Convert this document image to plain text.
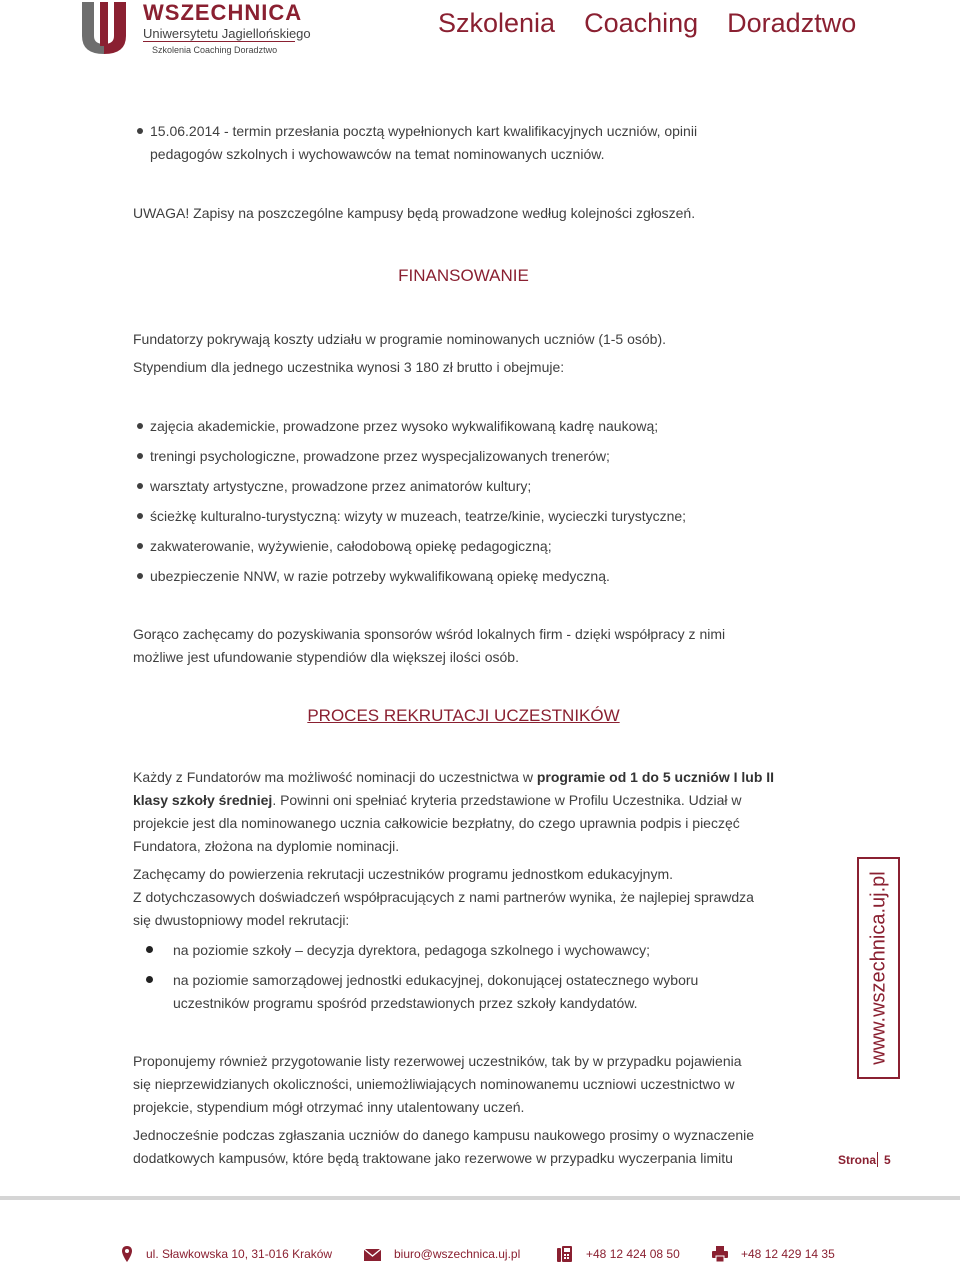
WSZECHNICA
Uniwersytetu Jagiellońskiego
Szkolenia Coaching Doradztwo
Szkolenia Coaching Doradztwo
15.06.2014 - termin przesłania pocztą wypełnionych kart kwalifikacyjnych uczniów, opinii
pedagogów szkolnych i wychowawców na temat nominowanych uczniów.
UWAGA! Zapisy na poszczególne kampusy będą prowadzone według kolejności zgłoszeń.
FINANSOWANIE
Fundatorzy pokrywają koszty udziału w programie nominowanych uczniów (1-5 osób).
Stypendium dla jednego uczestnika wynosi 3 180 zł brutto i obejmuje:
zajęcia akademickie, prowadzone przez wysoko wykwalifikowaną kadrę naukową;
treningi psychologiczne, prowadzone przez wyspecjalizowanych trenerów;
warsztaty artystyczne, prowadzone przez animatorów kultury;
ścieżkę kulturalno-turystyczną: wizyty w muzeach, teatrze/kinie, wycieczki turystyczne;
zakwaterowanie, wyżywienie, całodobową opiekę pedagogiczną;
ubezpieczenie NNW, w razie potrzeby wykwalifikowaną opiekę medyczną.
Gorąco zachęcamy do pozyskiwania sponsorów wśród lokalnych firm - dzięki współpracy z nimi
możliwe jest ufundowanie stypendiów dla większej ilości osób.
PROCES REKRUTACJI UCZESTNIKÓW
Każdy z Fundatorów ma możliwość nominacji do uczestnictwa w programie od 1 do 5 uczniów I lub II
klasy szkoły średniej. Powinni oni spełniać kryteria przedstawione w Profilu Uczestnika. Udział w
projekcie jest dla nominowanego ucznia całkowicie bezpłatny, do czego uprawnia podpis i pieczęć
Fundatora, złożona na dyplomie nominacji.
Zachęcamy do powierzenia rekrutacji uczestników programu jednostkom edukacyjnym.
Z dotychczasowych doświadczeń współpracujących z nami partnerów wynika, że najlepiej sprawdza
się dwustopniowy model rekrutacji:
na poziomie szkoły – decyzja dyrektora, pedagoga szkolnego i wychowawcy;
na poziomie samorządowej jednostki edukacyjnej, dokonującej ostatecznego wyboru
uczestników programu spośród przedstawionych przez szkoły kandydatów.
Proponujemy również przygotowanie listy rezerwowej uczestników, tak by w przypadku pojawienia
się nieprzewidzianych okoliczności, uniemożliwiających nominowanemu uczniowi uczestnictwo w
projekcie, stypendium mógł otrzymać inny utalentowany uczeń.
Jednocześnie podczas zgłaszania uczniów do danego kampusu naukowego prosimy o wyznaczenie
dodatkowych kampusów, które będą traktowane jako rezerwowe w przypadku wyczerpania limitu
www.wszechnica.uj.pl
Strona 5
ul. Sławkowska 10, 31-016 Kraków	biuro@wszechnica.uj.pl	+48 12 424 08 50	+48 12 429 14 35
